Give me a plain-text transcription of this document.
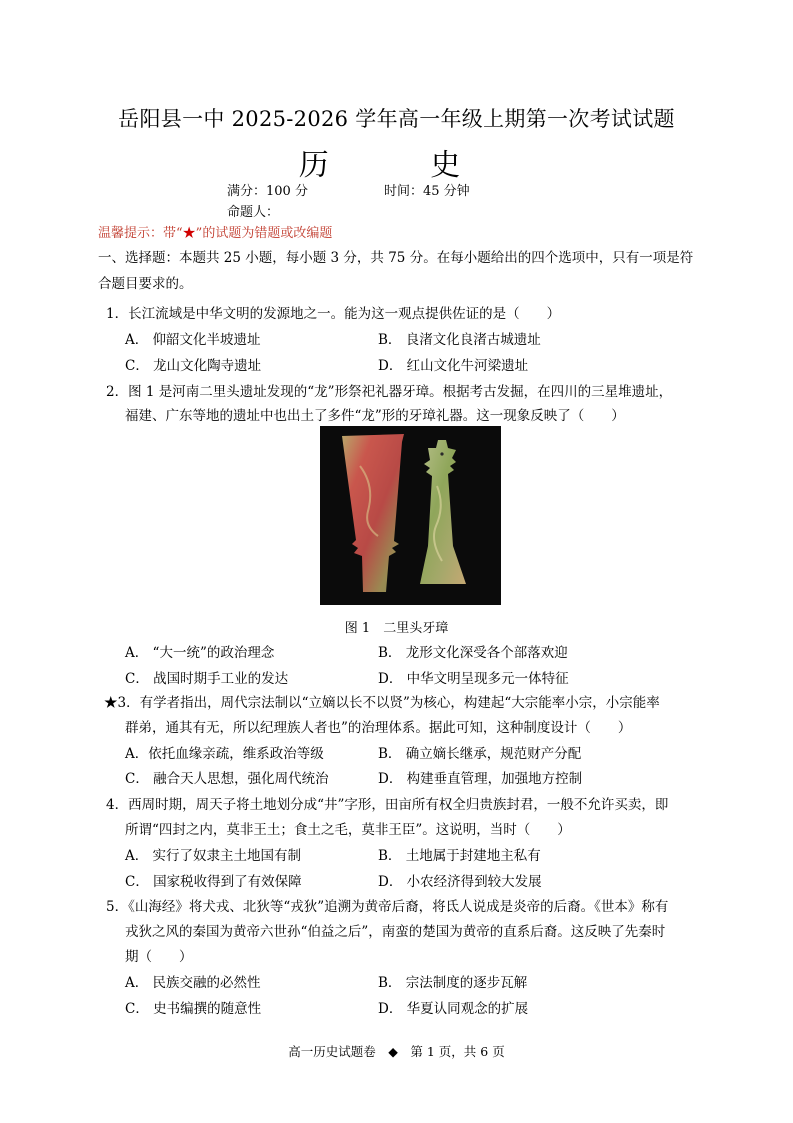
岳阳县一中 2025-2026 学年高一年级上期第一次考试试题
历 史
满分：100 分	时间：45 分钟
命题人：
温馨提示：带“★”的试题为错题或改编题
一、选择题：本题共 25 小题，每小题 3 分，共 75 分。在每小题给出的四个选项中，只有一项是符
合题目要求的。
1．长江流域是中华文明的发源地之一。能为这一观点提供佐证的是（　　）
A． 仰韶文化半坡遗址	B． 良渚文化良渚古城遗址
C． 龙山文化陶寺遗址	D． 红山文化牛河梁遗址
2．图 1 是河南二里头遗址发现的“龙”形祭祀礼器牙璋。根据考古发掘，在四川的三星堆遗址，
福建、广东等地的遗址中也出土了多件“龙”形的牙璋礼器。这一现象反映了（　　）
图 1　二里头牙璋
A． “大一统”的政治理念	B． 龙形文化深受各个部落欢迎
C． 战国时期手工业的发达	D． 中华文明呈现多元一体特征
★3．有学者指出，周代宗法制以“立嫡以长不以贤”为核心，构建起“大宗能率小宗，小宗能率
群弟，通其有无，所以纪理族人者也”的治理体系。据此可知，这种制度设计（　　）
A．依托血缘亲疏，维系政治等级	B． 确立嫡长继承，规范财产分配
C． 融合天人思想，强化周代统治	D． 构建垂直管理，加强地方控制
4．西周时期，周天子将土地划分成“井”字形，田亩所有权全归贵族封君，一般不允许买卖，即
所谓“四封之内，莫非王土；食土之毛，莫非王臣”。这说明，当时（　　）
A． 实行了奴隶主土地国有制	B． 土地属于封建地主私有
C． 国家税收得到了有效保障	D． 小农经济得到较大发展
5．《山海经》将犬戎、北狄等“戎狄”追溯为黄帝后裔，将氐人说成是炎帝的后裔。《世本》称有
戎狄之风的秦国为黄帝六世孙“伯益之后”，南蛮的楚国为黄帝的直系后裔。这反映了先秦时
期（　　）
A． 民族交融的必然性	B． 宗法制度的逐步瓦解
C． 史书编撰的随意性	D． 华夏认同观念的扩展
高一历史试题卷　◆　第 1 页，共 6 页
